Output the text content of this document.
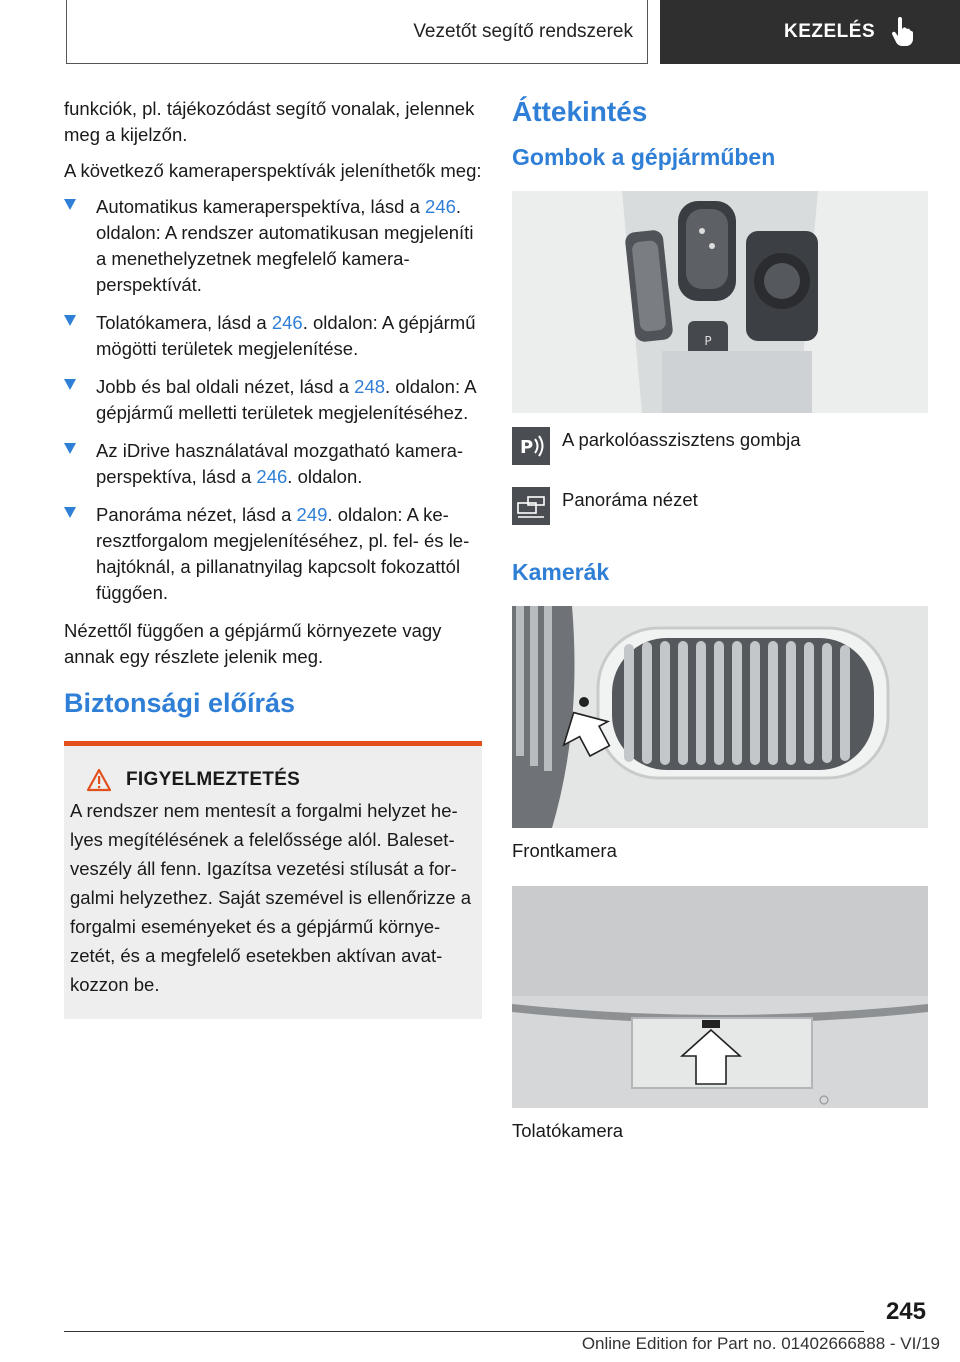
Vezetőt segítő rendszerek	KEZELÉS

funkciók, pl. tájékozódást segítő vonalak, jelennek meg a kijelzőn.

A következő kameraperspektívák jeleníthetők meg:

Automatikus kameraperspektíva, lásd a 246. oldalon: A rendszer automatikusan megjeleníti a menethelyzetnek megfelelő kameraperspektívát.
Tolatókamera, lásd a 246. oldalon: A gépjármű mögötti területek megjelenítése.
Jobb és bal oldali nézet, lásd a 248. oldalon: A gépjármű melletti területek megjelenítéséhez.
Az iDrive használatával mozgatható kameraperspektíva, lásd a 246. oldalon.
Panoráma nézet, lásd a 249. oldalon: A keresztforgalom megjelenítéséhez, pl. fel- és lehajtóknál, a pillanatnyilag kapcsolt fokozattól függően.

Nézettől függően a gépjármű környezete vagy annak egy részlete jelenik meg.

Biztonsági előírás
FIGYELMEZTETÉS

A rendszer nem mentesít a forgalmi helyzet helyes megítélésének a felelőssége alól. Balesetveszély áll fenn. Igazítsa vezetési stílusát a forgalmi helyzethez. Saját szemével is ellenőrizze a forgalmi eseményeket és a gépjármű környezetét, és a megfelelő esetekben aktívan avatkozzon be.

Áttekintés
Gombok a gépjárműben
P
P A parkolóasszisztens gombja
Panoráma nézet
Kamerák
Frontkamera
Tolatókamera
245
Online Edition for Part no. 01402666888 - VI/19
